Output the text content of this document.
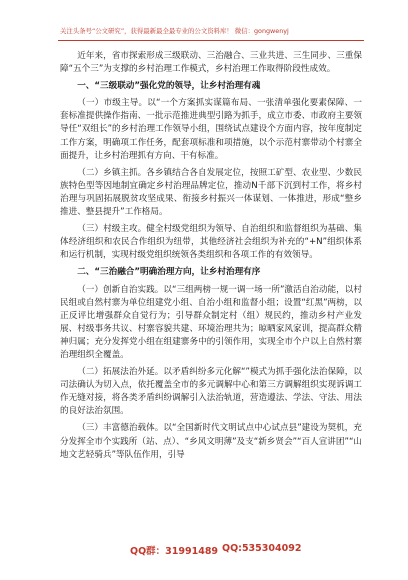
关注头条号“公文研究”，获得最新最全最专业的公文资料库！ 微信：gongwenyj

近年来，省市探索形成三级联动、三治融合、三业共进、三生同步、三重保障“五个三”为支撑的乡村治理工作模式，乡村治理工作取得阶段性成效。

一、“三级联动”强化党的领导，让乡村治理有魂

（一）市级主导。以“一个方案抓实谋篇布局、一张清单强化要素保障、一套标准提供操作指南、一批示范推进典型引路为抓手，成立市委、市政府主要领导任“双组长”的乡村治理工作领导小组，围绕试点建设个方面内容，按年度制定工作方案，明确项工作任务，配套项标准和项措施，以个示范村寨带动个村寨全面提升，让乡村治理抓有方向、干有标准。

（二）乡镇主抓。各乡镇结合各自发展定位，按照工矿型、农业型、少数民族特色型等因地制宜确定乡村治理品牌定位，推动N千部下沉到村工作，将乡村治理与巩固拓展脱贫攻坚成果、衔接乡村振兴一体谋划、一体推进，形成“整乡推进、整县提升”工作格局。

（三）村级主攻。健全村级党组织为领导、自治组织和监督组织为基础、集体经济组织和农民合作组织为纽带，其他经济社会组织为补充的“+N”组织体系和运行机制，实现村级党组织统领各类组织和各项工作的有效领导。

二、“三治融合”明确治理方向，让乡村治理有序

（一）创新自治实践。以“三组两榜一规一调一场一所”激活自治动能，以村民组或自然村寨为单位组建党小组、自治小组和监督小组；设置“红黑”两榜，以正反评比增强群众自觉行为；引导群众制定村（组）规民约，推动乡村产业发展、村级事务共议、村寨容貌共建、环境治理共为；晾晒家风家训，提高群众精神归属；充分发挥党小组在组建寨务中的引领作用，实现全市个户以上自然村寨治理组织全覆盖。

（二）拓展法治外延。以矛盾纠纷多元化解“”模式为抓手强化法治保障，以司法确认为切入点，依托覆盖全市的多元调解中心和第三方调解组织实现诉调工作无缝对接，将各类矛盾纠纷调解引入法治轨道，营造遵法、学法、守法、用法的良好法治氛围。

（三）丰富德治载体。以“全国新时代文明试点中心试点县”建设为契机，充分发挥全市个实践所（站、点）、“乡风文明薄”及支“新乡贤会”“百人宣讲团”“山地文艺轻骑兵”等队伍作用，引导

QQ群：31991489 QQ:535304092
